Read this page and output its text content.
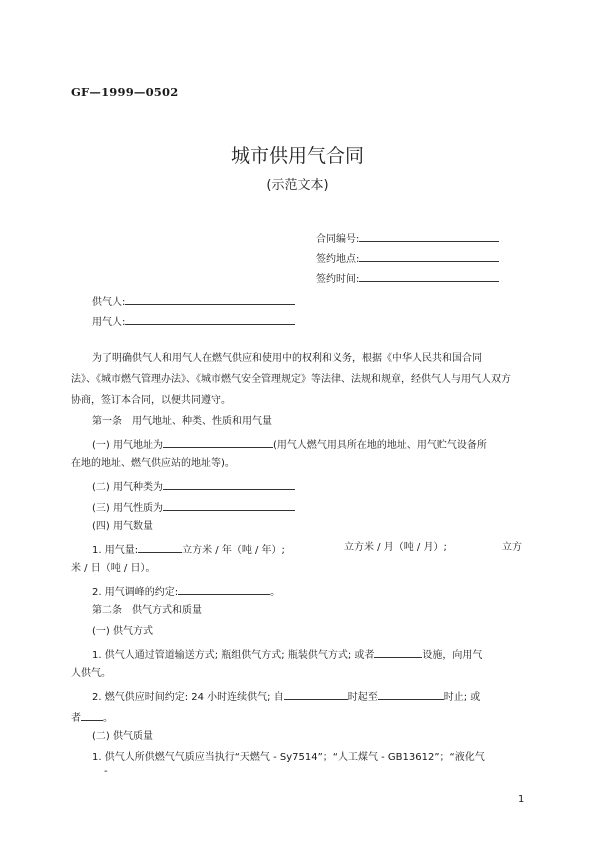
GF—1999—0502
城市供用气合同
(示范文本)
合同编号:
签约地点:
签约时间:
供气人:
用气人:
为了明确供气人和用气人在燃气供应和使用中的权利和义务，根据《中华人民共和国合同
法》、《城市燃气管理办法》、《城市燃气安全管理规定》等法律、法规和规章，经供气人与用气人双方
协商，签订本合同，以便共同遵守。
第一条　用气地址、种类、性质和用气量
(一) 用气地址为	(用气人燃气用具所在地的地址、用气贮气设备所
在地的地址、燃气供应站的地址等)。
(二) 用气种类为
(三) 用气性质为
(四) 用气数量
1. 用气量:	立方米 / 年（吨 / 年）;	立方米 / 月（吨 / 月）;	立方
米 / 日（吨 / 日）。
2. 用气调峰的约定:	。
第二条　供气方式和质量
(一) 供气方式
1. 供气人通过管道输送方式; 瓶组供气方式; 瓶装供气方式; 或者	设施，向用气
人供气。
2. 燃气供应时间约定: 24 小时连续供气; 自	时起至	时止; 或
者 。
(二) 供气质量
1. 供气人所供燃气气质应当执行“天燃气 - Sy7514”；“人工煤气 - GB13612”；“液化气
-
1
